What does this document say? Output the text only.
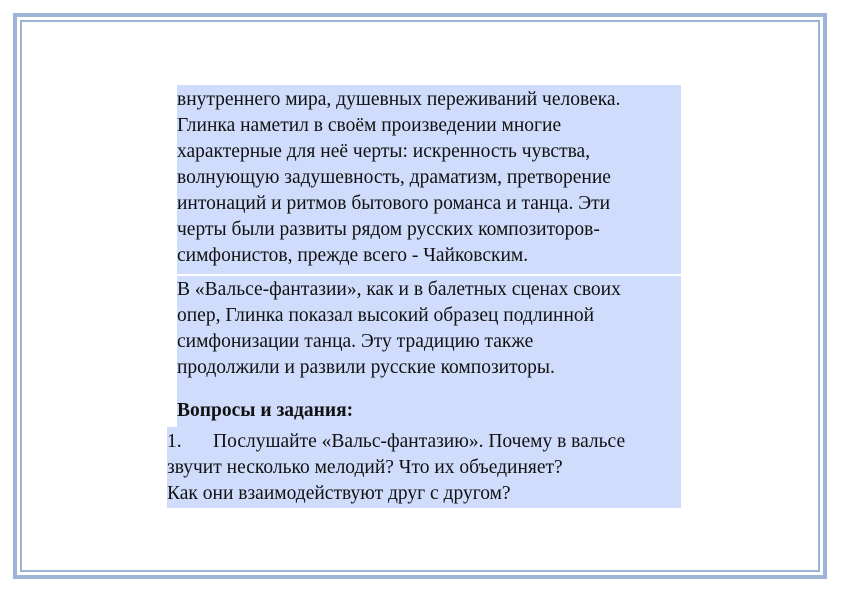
внутреннего мира, душевных переживаний человека.
Глинка наметил в своём произведении многие
характерные для неё черты: искренность чувства,
волнующую задушевность, драматизм, претворение
интонаций и ритмов бытового романса и танца. Эти
черты были развиты рядом русских композиторов-
симфонистов, прежде всего - Чайковским.
В «Вальсе-фантазии», как и в балетных сценах своих
опер, Глинка показал высокий образец подлинной
симфонизации танца. Эту традицию также
продолжили и развили русские композиторы.
Вопросы и задания:
1. Послушайте «Вальс-фантазию». Почему в вальсе
звучит несколько мелодий? Что их объединяет?
Как они взаимодействуют друг с другом?
